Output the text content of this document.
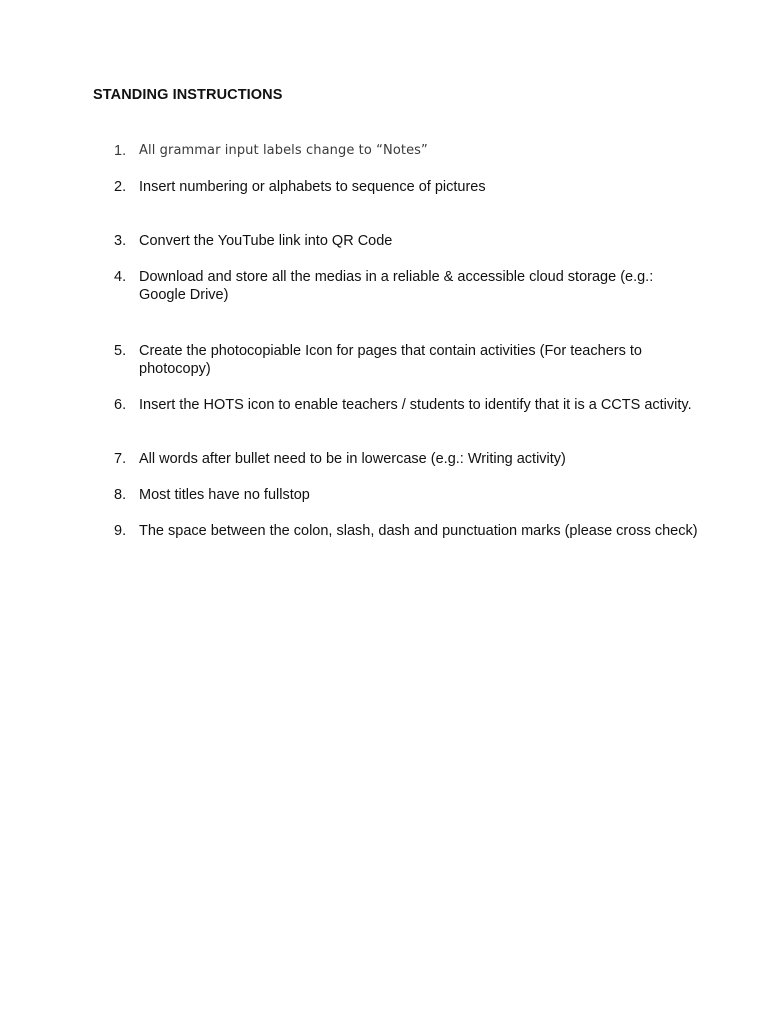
STANDING INSTRUCTIONS
1. All grammar input labels change to “Notes”
2. Insert numbering or alphabets to sequence of pictures
3. Convert the YouTube link into QR Code
4. Download and store all the medias in a reliable & accessible cloud storage (e.g.: Google Drive)
5. Create the photocopiable Icon for pages that contain activities (For teachers to photocopy)
6. Insert the HOTS icon to enable teachers / students to identify that it is a CCTS activity.
7. All words after bullet need to be in lowercase (e.g.: Writing activity)
8. Most titles have no fullstop
9. The space between the colon, slash, dash and punctuation marks (please cross check)
